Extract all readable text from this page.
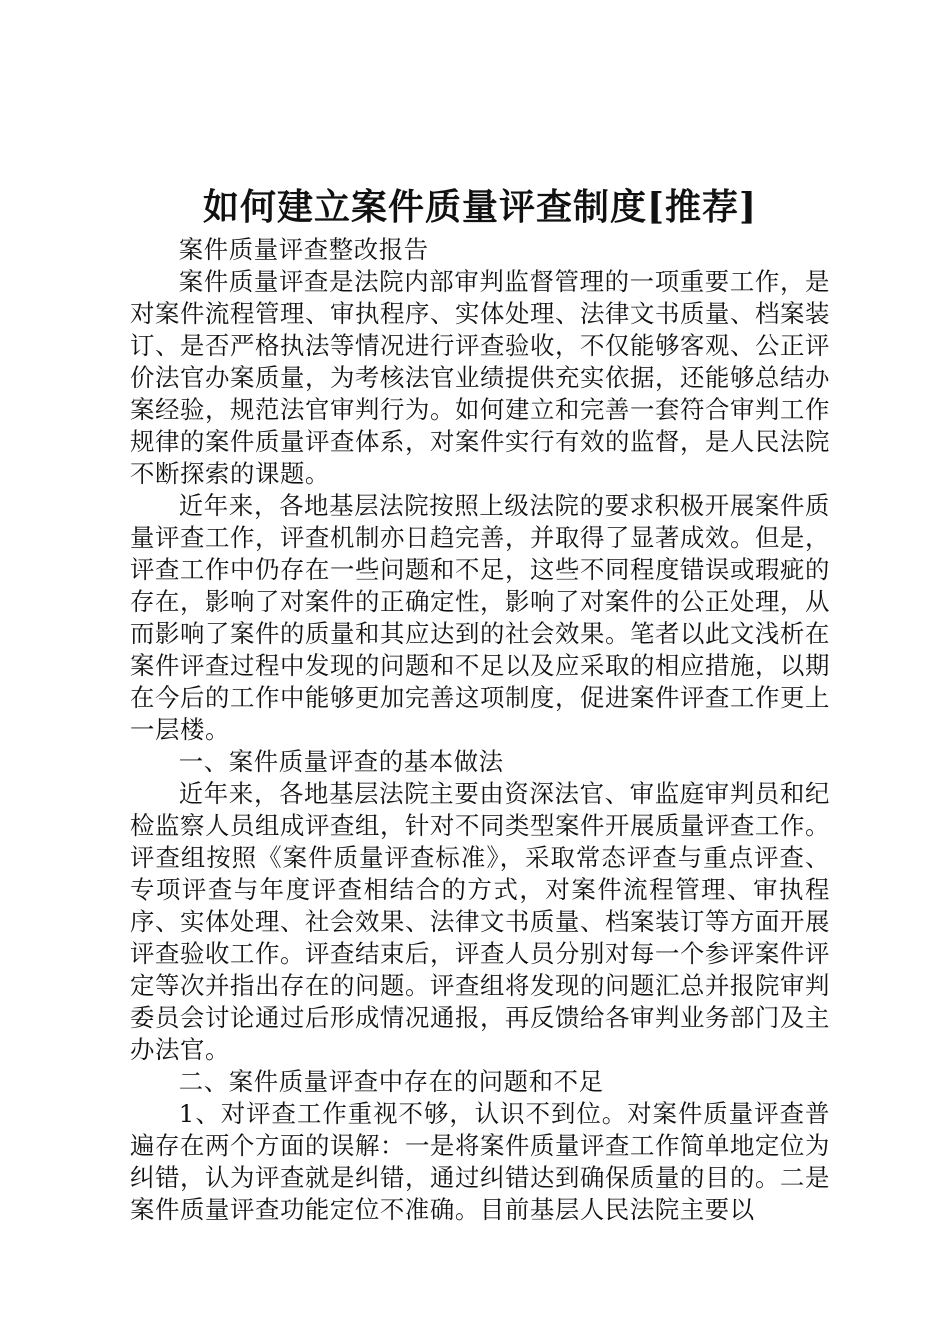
如何建立案件质量评查制度[推荐]

案件质量评查整改报告

案件质量评查是法院内部审判监督管理的一项重要工作，是对案件流程管理、审执程序、实体处理、法律文书质量、档案装订、是否严格执法等情况进行评查验收，不仅能够客观、公正评价法官办案质量，为考核法官业绩提供充实依据，还能够总结办案经验，规范法官审判行为。如何建立和完善一套符合审判工作规律的案件质量评查体系，对案件实行有效的监督，是人民法院不断探索的课题。

近年来，各地基层法院按照上级法院的要求积极开展案件质量评查工作，评查机制亦日趋完善，并取得了显著成效。但是，评查工作中仍存在一些问题和不足，这些不同程度错误或瑕疵的存在，影响了对案件的正确定性，影响了对案件的公正处理，从而影响了案件的质量和其应达到的社会效果。笔者以此文浅析在案件评查过程中发现的问题和不足以及应采取的相应措施，以期在今后的工作中能够更加完善这项制度，促进案件评查工作更上一层楼。

一、案件质量评查的基本做法

近年来，各地基层法院主要由资深法官、审监庭审判员和纪检监察人员组成评查组，针对不同类型案件开展质量评查工作。评查组按照《案件质量评查标准》，采取常态评查与重点评查、专项评查与年度评查相结合的方式，对案件流程管理、审执程序、实体处理、社会效果、法律文书质量、档案装订等方面开展评查验收工作。评查结束后，评查人员分别对每一个参评案件评定等次并指出存在的问题。评查组将发现的问题汇总并报院审判委员会讨论通过后形成情况通报，再反馈给各审判业务部门及主办法官。

二、案件质量评查中存在的问题和不足

1、对评查工作重视不够，认识不到位。对案件质量评查普遍存在两个方面的误解：一是将案件质量评查工作简单地定位为纠错，认为评查就是纠错，通过纠错达到确保质量的目的。二是案件质量评查功能定位不准确。目前基层人民法院主要以
